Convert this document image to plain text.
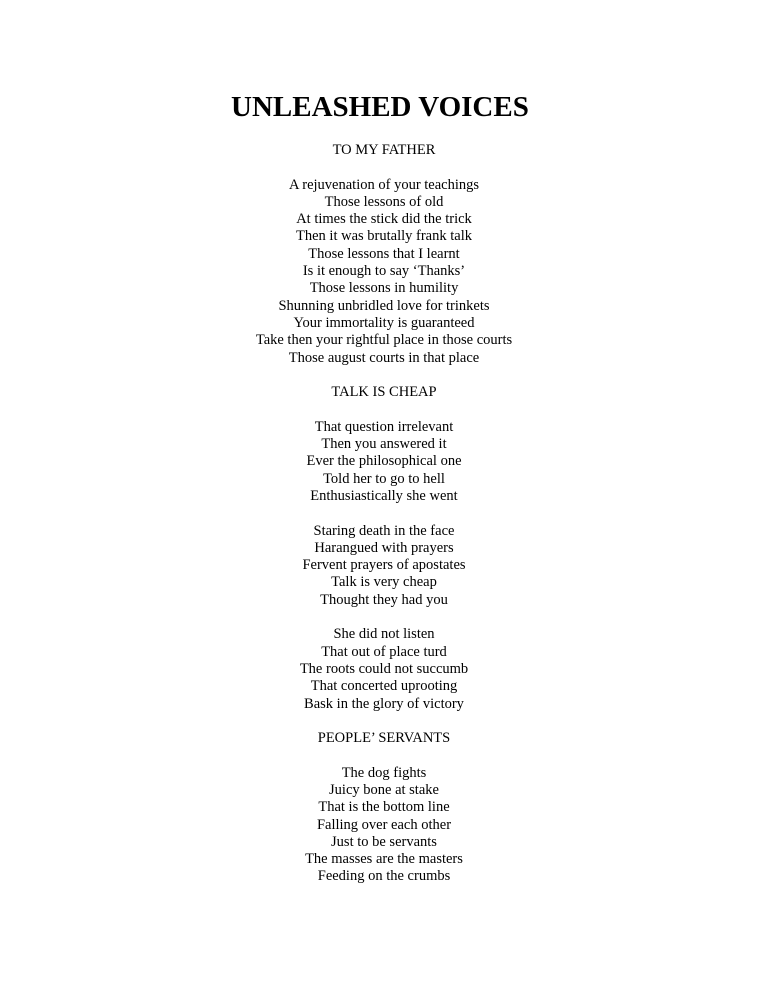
UNLEASHED VOICES
TO MY FATHER
A rejuvenation of your teachings
Those lessons of old
At times the stick did the trick
Then it was brutally frank talk
Those lessons that I learnt
Is it enough to say ‘Thanks’
Those lessons in humility
Shunning unbridled love for trinkets
Your immortality is guaranteed
Take then your rightful place in those courts
Those august courts in that place
TALK IS CHEAP
That question irrelevant
Then you answered it
Ever the philosophical one
Told her to go to hell
Enthusiastically she went
Staring death in the face
Harangued with prayers
Fervent prayers of apostates
Talk is very cheap
Thought they had you
She did not listen
That out of place turd
The roots could not succumb
That concerted uprooting
Bask in the glory of victory
PEOPLE’ SERVANTS
The dog fights
Juicy bone at stake
That is the bottom line
Falling over each other
Just to be servants
The masses are the masters
Feeding on the crumbs
